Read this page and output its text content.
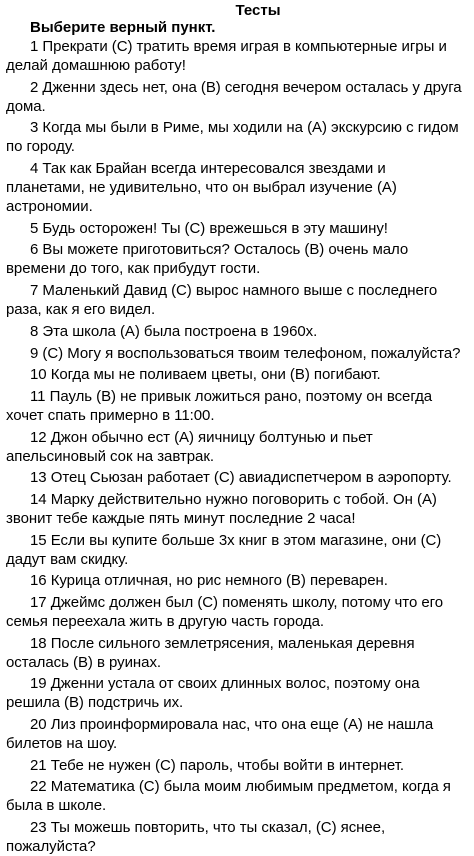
Тесты

Выберите верный пункт.

1 Прекрати (C) тратить время играя в компьютерные игры и делай домашнюю работу!

2 Дженни здесь нет, она (B) сегодня вечером осталась у друга дома.

3 Когда мы были в Риме, мы ходили на (A) экскурсию с гидом по городу.

4 Так как Брайан всегда интересовался звездами и планетами, не удивительно, что он выбрал изучение (A) астрономии.

5 Будь осторожен! Ты (C) врежешься в эту машину!

6 Вы можете приготовиться? Осталось (B) очень мало времени до того, как прибудут гости.

7 Маленький Давид (C) вырос намного выше с последнего раза, как я его видел.

8 Эта школа (A) была построена в 1960х.

9 (C) Могу я воспользоваться твоим телефоном, пожалуйста?

10 Когда мы не поливаем цветы, они (B) погибают.

11 Пауль (B) не привык ложиться рано, поэтому он всегда хочет спать примерно в 11:00.

12 Джон обычно ест (A) яичницу болтунью и пьет апельсиновый сок на завтрак.

13 Отец Сьюзан работает (C) авиадиспетчером в аэропорту.

14 Марку действительно нужно поговорить с тобой. Он (A) звонит тебе каждые пять минут последние 2 часа!

15 Если вы купите больше 3х книг в этом магазине, они (C) дадут вам скидку.

16 Курица отличная, но рис немного (B) переварен.

17 Джеймс должен был (C) поменять школу, потому что его семья переехала жить в другую часть города.

18 После сильного землетрясения, маленькая деревня осталась (B) в руинах.

19 Дженни устала от своих длинных волос, поэтому она решила (B) подстричь их.

20 Лиз проинформировала нас, что она еще (A) не нашла билетов на шоу.

21 Тебе не нужен (C) пароль, чтобы войти в интернет.

22 Математика (C) была моим любимым предметом, когда я была в школе.

23 Ты можешь повторить, что ты сказал, (C) яснее, пожалуйста?
